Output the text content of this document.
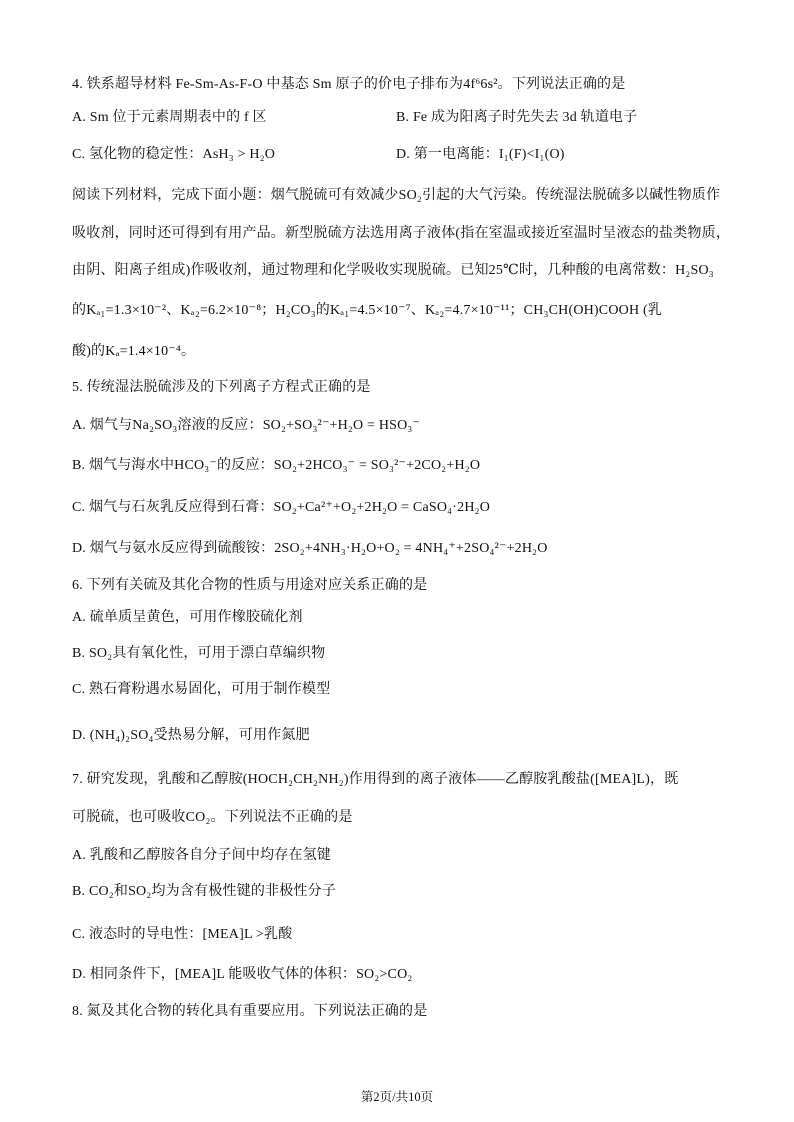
4. 铁系超导材料 Fe-Sm-As-F-O 中基态 Sm 原子的价电子排布为4f⁶6s²。下列说法正确的是
A. Sm 位于元素周期表中的 f 区	B. Fe 成为阳离子时先失去 3d 轨道电子
C. 氢化物的稳定性：AsH₃ > H₂O	D. 第一电离能：I₁(F)<I₁(O)
阅读下列材料，完成下面小题：烟气脱硫可有效减少SO₂引起的大气污染。传统湿法脱硫多以碱性物质作
吸收剂，同时还可得到有用产品。新型脱硫方法选用离子液体(指在室温或接近室温时呈液态的盐类物质，
由阴、阳离子组成)作吸收剂，通过物理和化学吸收实现脱硫。已知25℃时，几种酸的电离常数：H₂SO₃
的Kₐ₁=1.3×10⁻²、Kₐ₂=6.2×10⁻⁸；H₂CO₃的Kₐ₁=4.5×10⁻⁷、Kₐ₂=4.7×10⁻¹¹；CH₃CH(OH)COOH (乳
酸)的Kₐ=1.4×10⁻⁴。
5. 传统湿法脱硫涉及的下列离子方程式正确的是
A. 烟气与Na₂SO₃溶液的反应：SO₂+SO₃²⁻+H₂O = HSO₃⁻
B. 烟气与海水中HCO₃⁻的反应：SO₂+2HCO₃⁻ = SO₃²⁻+2CO₂+H₂O
C. 烟气与石灰乳反应得到石膏：SO₂+Ca²⁺+O₂+2H₂O = CaSO₄·2H₂O
D. 烟气与氨水反应得到硫酸铵：2SO₂+4NH₃·H₂O+O₂ = 4NH₄⁺+2SO₄²⁻+2H₂O
6. 下列有关硫及其化合物的性质与用途对应关系正确的是
A. 硫单质呈黄色，可用作橡胶硫化剂
B. SO₂具有氧化性，可用于漂白草编织物
C. 熟石膏粉遇水易固化，可用于制作模型
D. (NH₄)₂SO₄受热易分解，可用作氮肥
7. 研究发现，乳酸和乙醇胺(HOCH₂CH₂NH₂)作用得到的离子液体——乙醇胺乳酸盐([MEA]L)，既
可脱硫，也可吸收CO₂。下列说法不正确的是
A. 乳酸和乙醇胺各自分子间中均存在氢键
B. CO₂和SO₂均为含有极性键的非极性分子
C. 液态时的导电性：[MEA]L >乳酸
D. 相同条件下，[MEA]L 能吸收气体的体积：SO₂>CO₂
8. 氮及其化合物的转化具有重要应用。下列说法正确的是
第2页/共10页
